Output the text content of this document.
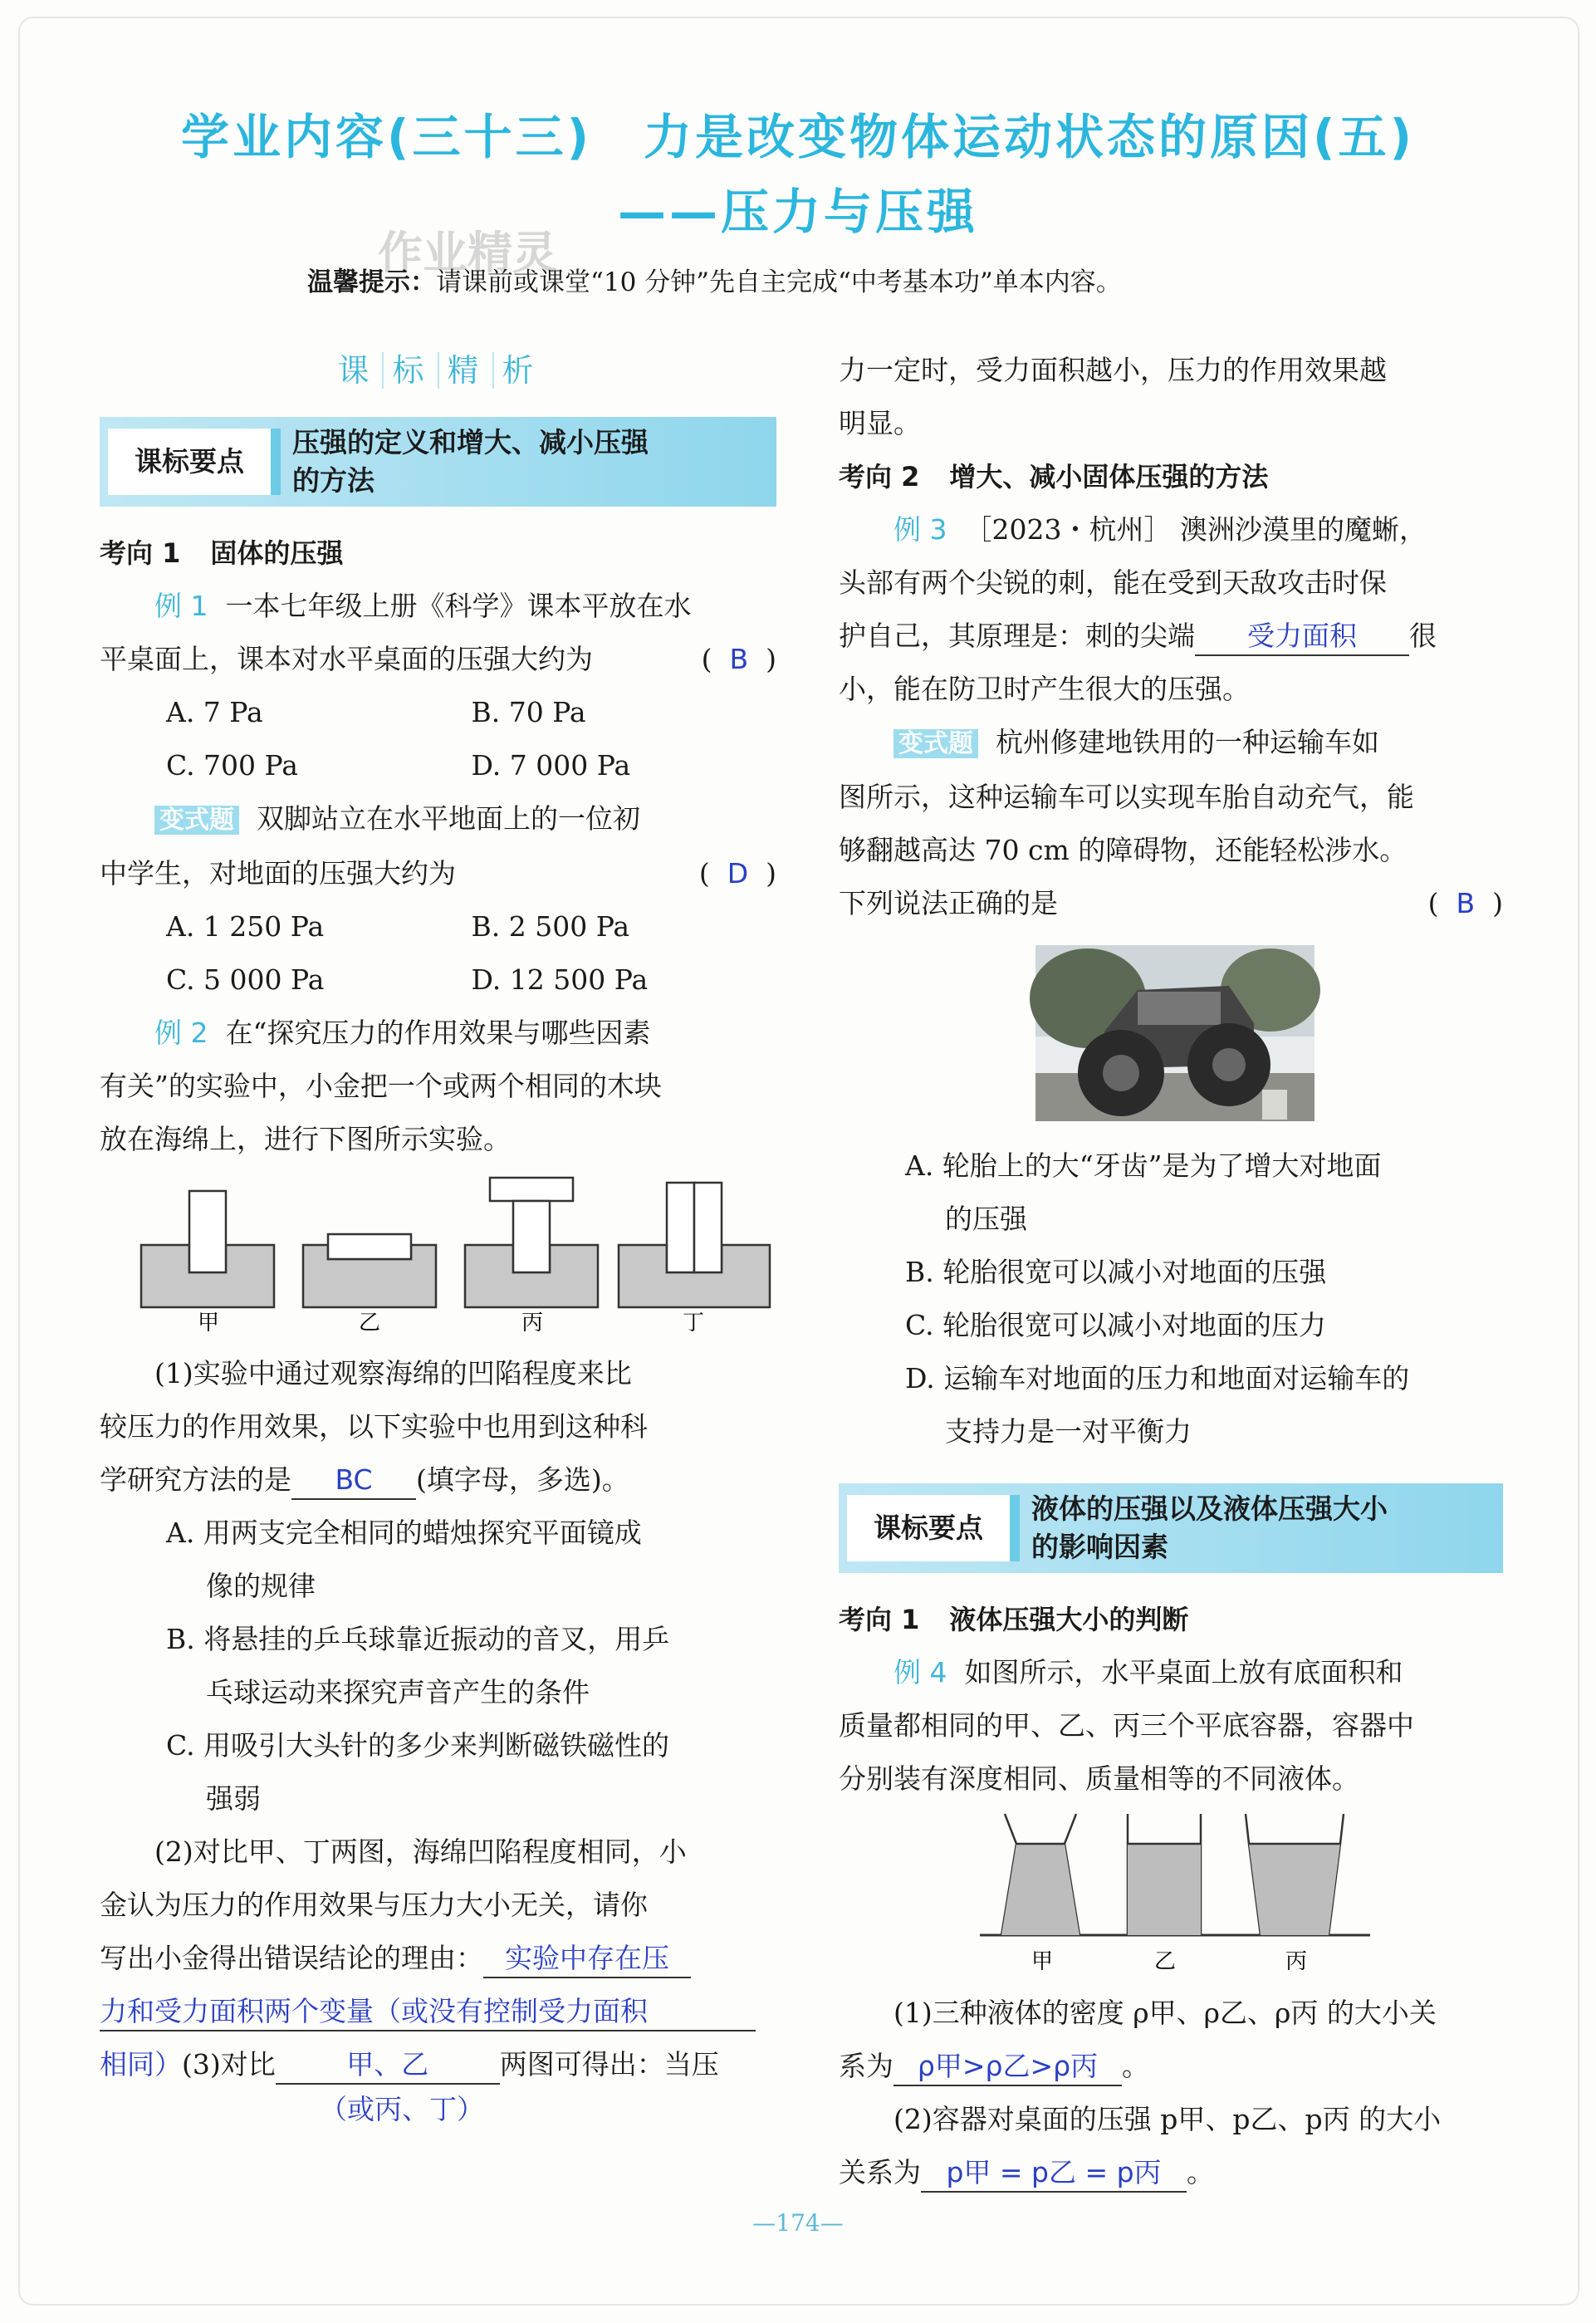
学业内容(三十三)　力是改变物体运动状态的原因(五)
——压力与压强
作业精灵
温馨提示：请课前或课堂“10 分钟”先自主完成“中考基本功”单本内容。
课 标 精 析
课标要点
压强的定义和增大、减小压强
的方法

考向 1 固体的压强

例 1 一本七年级上册《科学》课本平放在水

平桌面上，课本对水平桌面的压强大约为	(  B  )

A. 7 Pa	B. 70 Pa
C. 700 Pa	D. 7 000 Pa

变式题 双脚站立在水平地面上的一位初

中学生，对地面的压强大约为	(  D  )

A. 1 250 Pa	B. 2 500 Pa
C. 5 000 Pa	D. 12 500 Pa

例 2 在“探究压力的作用效果与哪些因素

有关”的实验中，小金把一个或两个相同的木块

放在海绵上，进行下图所示实验。

甲	乙	丙	丁

(1)实验中通过观察海绵的凹陷程度来比

较压力的作用效果，以下实验中也用到这种科

学研究方法的是 BC (填字母，多选)。

A. 用两支完全相同的蜡烛探究平面镜成

像的规律

B. 将悬挂的乒乓球靠近振动的音叉，用乒

乓球运动来探究声音产生的条件

C. 用吸引大头针的多少来判断磁铁磁性的

强弱

(2)对比甲、丁两图，海绵凹陷程度相同，小

金认为压力的作用效果与压力大小无关，请你

写出小金得出错误结论的理由： 实验中存在压

力和受力面积两个变量（或没有控制受力面积

相同）(3)对比	甲、乙	两图可得出：当压

（或丙、丁）

力一定时，受力面积越小，压力的作用效果越

明显。

考向 2 增大、减小固体压强的方法

例 3 ［2023・杭州］ 澳洲沙漠里的魔蜥，

头部有两个尖锐的刺，能在受到天敌攻击时保

护自己，其原理是：刺的尖端 受力面积 很

小，能在防卫时产生很大的压强。

变式题 杭州修建地铁用的一种运输车如

图所示，这种运输车可以实现车胎自动充气，能

够翻越高达 70 cm 的障碍物，还能轻松涉水。

下列说法正确的是	(  B  )

A. 轮胎上的大“牙齿”是为了增大对地面

的压强

B. 轮胎很宽可以减小对地面的压强

C. 轮胎很宽可以减小对地面的压力

D. 运输车对地面的压力和地面对运输车的

支持力是一对平衡力

课标要点
液体的压强以及液体压强大小
的影响因素

考向 1 液体压强大小的判断

例 4 如图所示，水平桌面上放有底面积和

质量都相同的甲、乙、丙三个平底容器，容器中

分别装有深度相同、质量相等的不同液体。

甲	乙	丙

(1)三种液体的密度 ρ甲、ρ乙、ρ丙 的大小关

系为 ρ甲>ρ乙>ρ丙 。

(2)容器对桌面的压强 p甲、p乙、p丙 的大小

关系为 p甲 = p乙 = p丙 。

—174—
